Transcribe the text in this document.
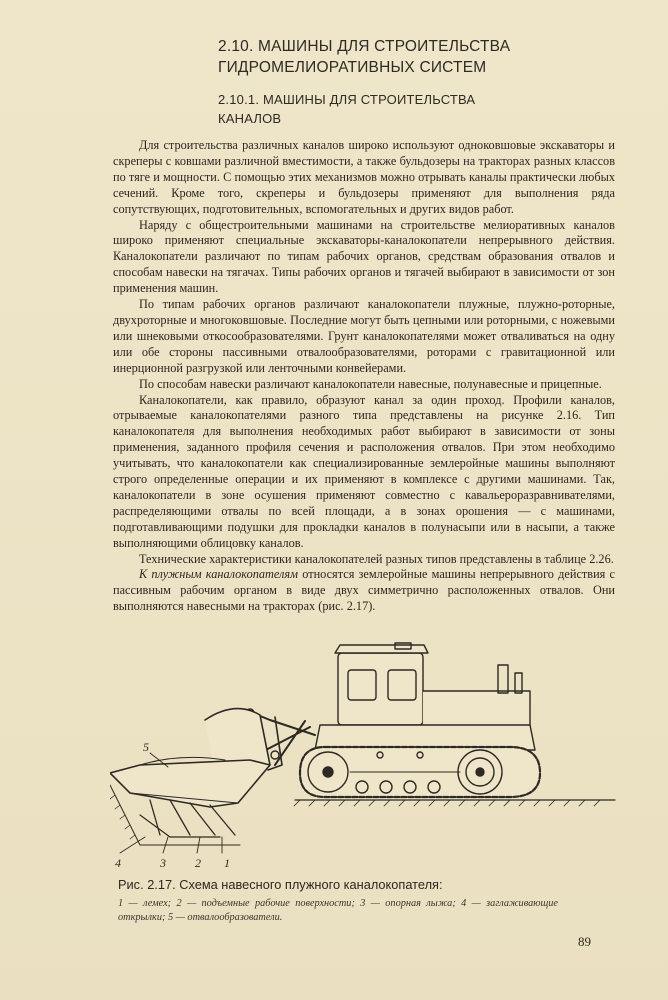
2.10. МАШИНЫ ДЛЯ СТРОИТЕЛЬСТВА
ГИДРОМЕЛИОРАТИВНЫХ СИСТЕМ
2.10.1. МАШИНЫ ДЛЯ СТРОИТЕЛЬСТВА
КАНАЛОВ

Для строительства различных каналов широко используют одноковшовые экскаваторы и скреперы с ковшами различной вместимости, а также бульдозеры на тракторах разных классов по тяге и мощности. С помощью этих механизмов можно отрывать каналы практически любых сечений. Кроме того, скреперы и бульдозеры применяют для выполнения ряда сопутствующих, подготовительных, вспомогательных и других видов работ.

Наряду с общестроительными машинами на строительстве мелиоративных каналов широко применяют специальные экскаваторы-каналокопатели непрерывного действия. Каналокопатели различают по типам рабочих органов, средствам образования отвалов и способам навески на тягачах. Типы рабочих органов и тягачей выбирают в зависимости от зон применения машин.

По типам рабочих органов различают каналокопатели плужные, плужно-роторные, двухроторные и многоковшовые. Последние могут быть цепными или роторными, с ножевыми или шнековыми откосообразователями. Грунт каналокопателями может отваливаться на одну или обе стороны пассивными отвалообразователями, роторами с гравитационной или инерционной разгрузкой или ленточными конвейерами.

По способам навески различают каналокопатели навесные, полунавесные и прицепные.

Каналокопатели, как правило, образуют канал за один проход. Профили каналов, отрываемые каналокопателями разного типа представлены на рисунке 2.16. Тип каналокопателя для выполнения необходимых работ выбирают в зависимости от зоны применения, заданного профиля сечения и расположения отвалов. При этом необходимо учитывать, что каналокопатели как специализированные землеройные машины выполняют строго определенные операции и их применяют в комплексе с другими машинами. Так, каналокопатели в зоне осушения применяют совместно с кавальероразравнивателями, распределяющими отвалы по всей площади, а в зонах орошения — с машинами, подготавливающими подушки для прокладки каналов в полунасыпи или в насыпи, а также выполняющими облицовку каналов.

Технические характеристики каналокопателей разных типов представлены в таблице 2.26.

К плужным каналокопателям относятся землеройные машины непрерывного действия с пассивным рабочим органом в виде двух симметрично расположенных отвалов. Они выполняются навесными на тракторах (рис. 2.17).

5
4	3 2 1
Рис. 2.17. Схема навесного плужного каналокопателя:
1 — лемех; 2 — подъемные рабочие поверхности; 3 — опорная лыжа; 4 — заглаживающие открылки; 5 — отвалообразователи.
89
